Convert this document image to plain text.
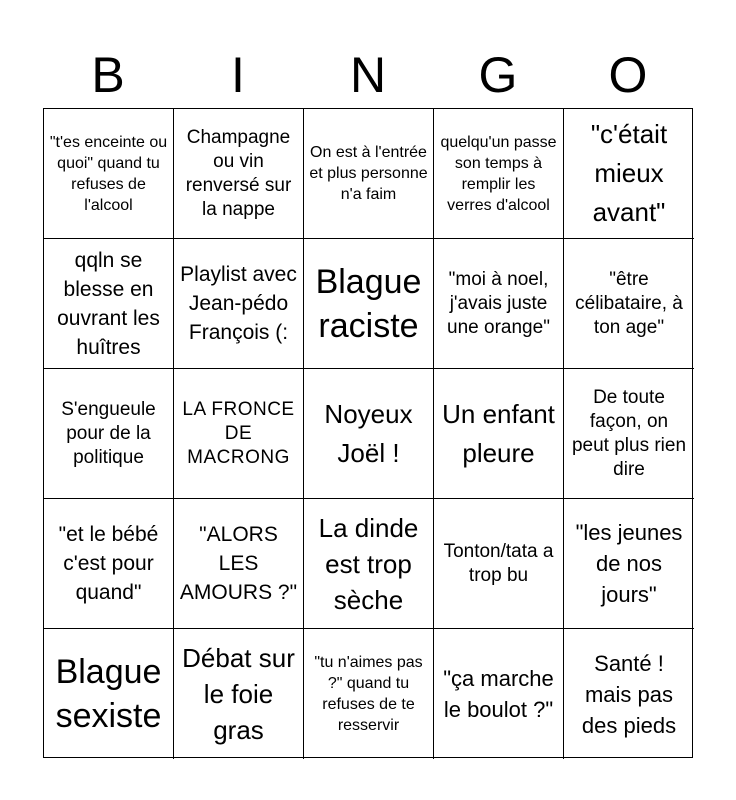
B	I	N	G	O
"t'es enceinte ou quoi" quand tu refuses de l'alcool
Champagne ou vin renversé sur la nappe
On est à l'entrée et plus personne n'a faim
quelqu'un passe son temps à remplir les verres d'alcool
"c'était mieux avant"
qqln se blesse en ouvrant les huîtres
Playlist avec Jean-pédo François (:
Blague raciste
"moi à noel, j'avais juste une orange"
"être célibataire, à ton age"
S'engueule pour de la politique
LA FRONCE DE MACRONG
Noyeux Joël !
Un enfant pleure
De toute façon, on peut plus rien dire
"et le bébé c'est pour quand"
"ALORS LES AMOURS ?"
La dinde est trop sèche
Tonton/tata a trop bu
"les jeunes de nos jours"
Blague sexiste
Débat sur le foie gras
"tu n'aimes pas ?" quand tu refuses de te resservir
"ça marche le boulot ?"
Santé ! mais pas des pieds
